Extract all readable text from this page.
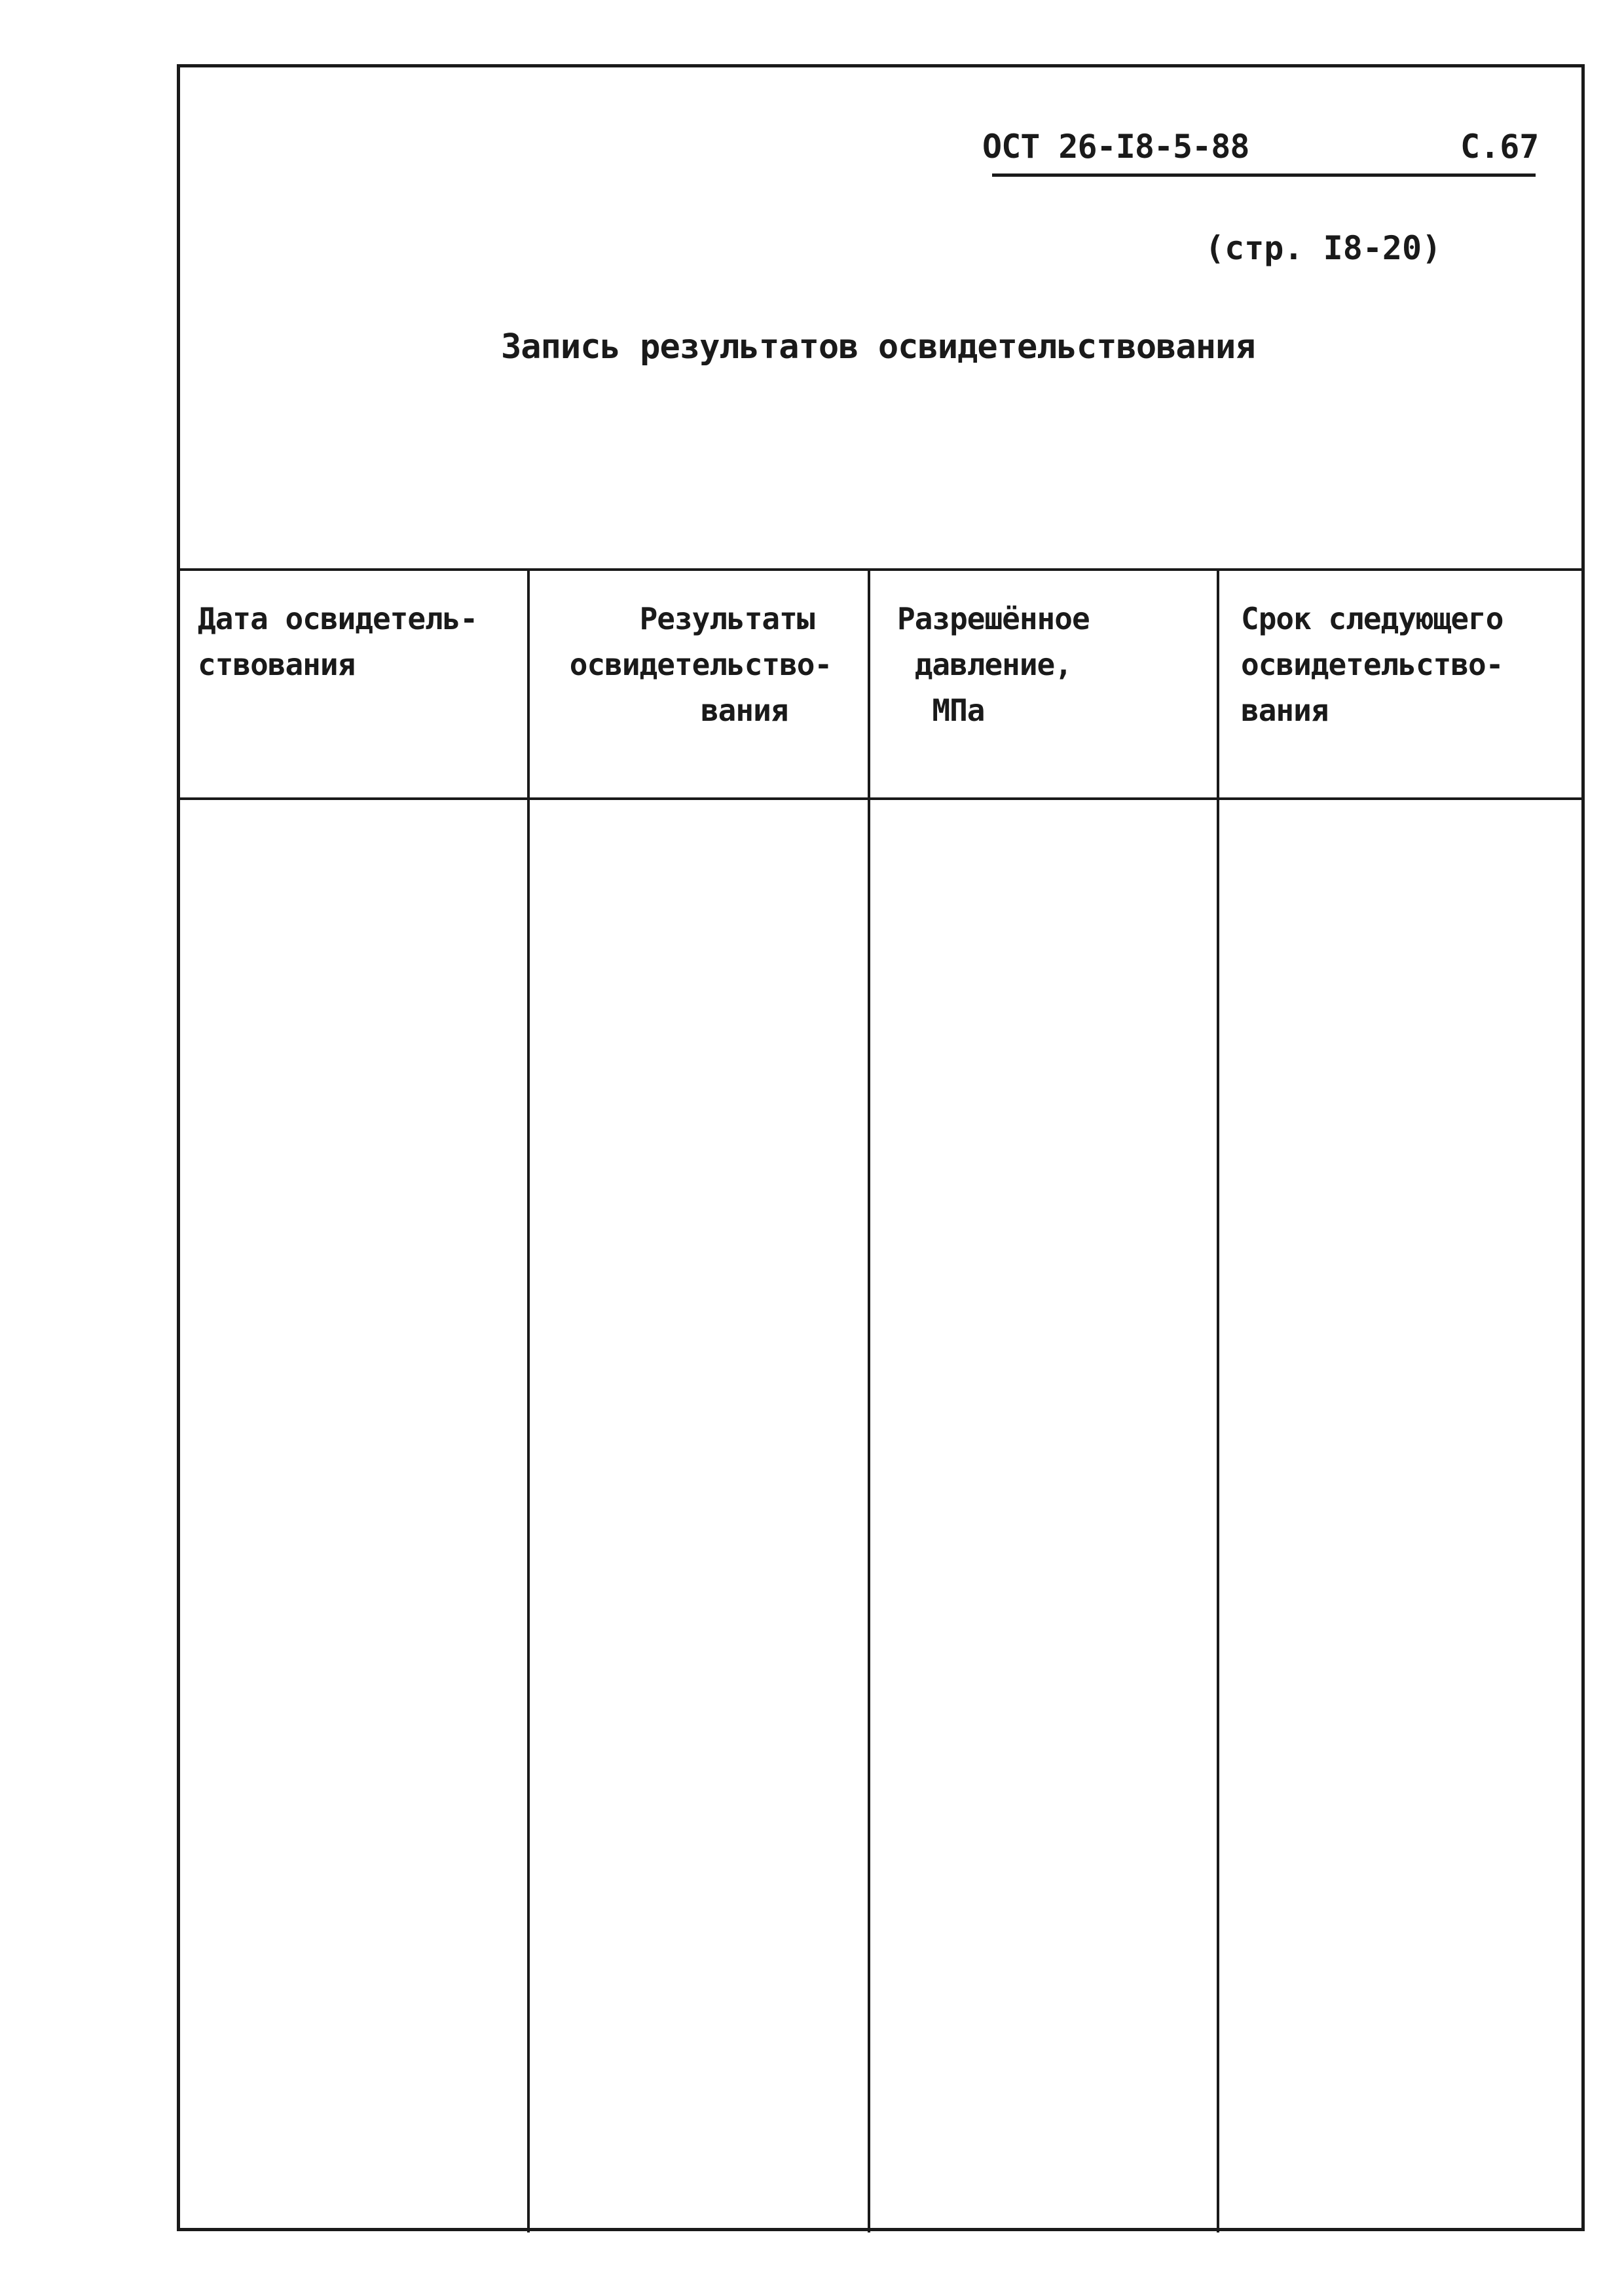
ОСТ 26-I8-5-88	С.67
(стр. I8-20)
Запись результатов освидетельствования
Дата освидетель-
ствования
Результаты
освидетельство-
вания
Разрешённое
давление,
МПа
Срок следующего
освидетельство-
вания
